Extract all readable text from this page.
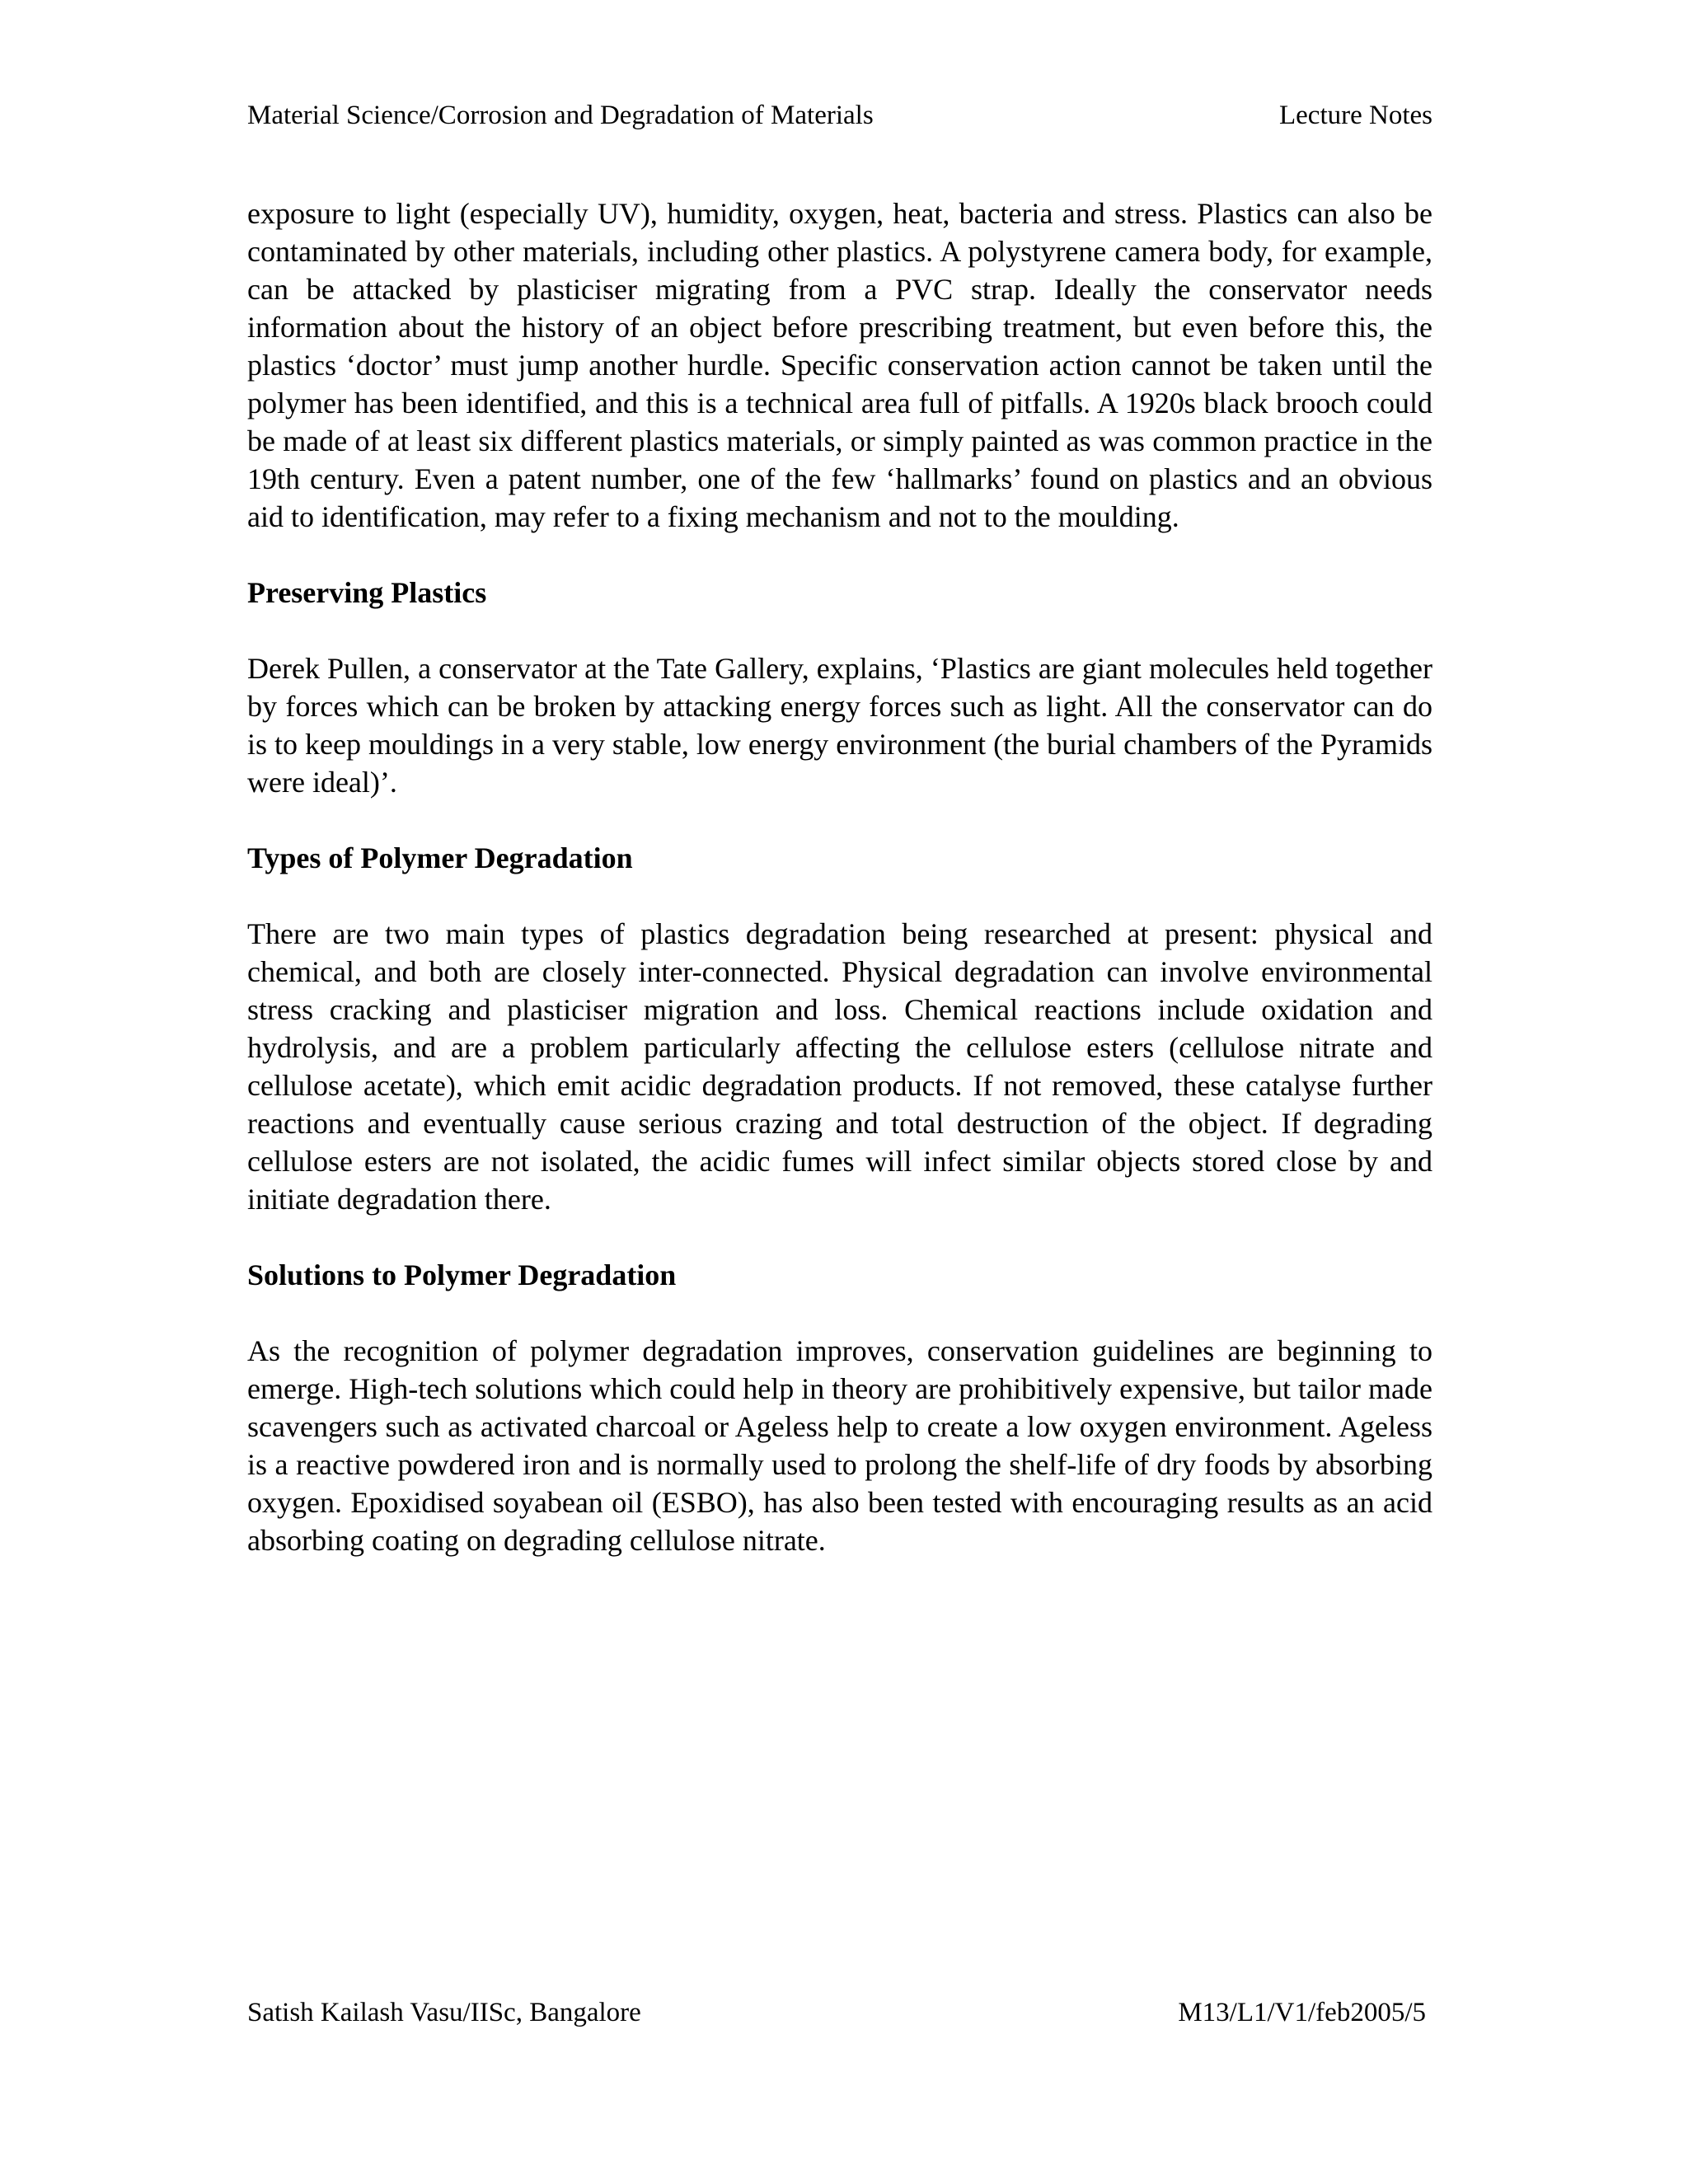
Material Science/Corrosion and Degradation of Materials	Lecture Notes

exposure to light (especially UV), humidity, oxygen, heat, bacteria and stress. Plastics can also be contaminated by other materials, including other plastics. A polystyrene camera body, for example, can be attacked by plasticiser migrating from a PVC strap. Ideally the conservator needs information about the history of an object before prescribing treatment, but even before this, the plastics ‘doctor’ must jump another hurdle. Specific conservation action cannot be taken until the polymer has been identified, and this is a technical area full of pitfalls. A 1920s black brooch could be made of at least six different plastics materials, or simply painted as was common practice in the 19th century. Even a patent number, one of the few ‘hallmarks’ found on plastics and an obvious aid to identification, may refer to a fixing mechanism and not to the moulding.

Preserving Plastics

Derek Pullen, a conservator at the Tate Gallery, explains, ‘Plastics are giant molecules held together by forces which can be broken by attacking energy forces such as light. All the conservator can do is to keep mouldings in a very stable, low energy environment (the burial chambers of the Pyramids were ideal)’.

Types of Polymer Degradation

There are two main types of plastics degradation being researched at present: physical and chemical, and both are closely inter-connected. Physical degradation can involve environmental stress cracking and plasticiser migration and loss. Chemical reactions include oxidation and hydrolysis, and are a problem particularly affecting the cellulose esters (cellulose nitrate and cellulose acetate), which emit acidic degradation products. If not removed, these catalyse further reactions and eventually cause serious crazing and total destruction of the object. If degrading cellulose esters are not isolated, the acidic fumes will infect similar objects stored close by and initiate degradation there.

Solutions to Polymer Degradation

As the recognition of polymer degradation improves, conservation guidelines are beginning to emerge. High-tech solutions which could help in theory are prohibitively expensive, but tailor made scavengers such as activated charcoal or Ageless help to create a low oxygen environment. Ageless is a reactive powdered iron and is normally used to prolong the shelf-life of dry foods by absorbing oxygen. Epoxidised soyabean oil (ESBO), has also been tested with encouraging results as an acid absorbing coating on degrading cellulose nitrate.

Satish Kailash Vasu/IISc, Bangalore	M13/L1/V1/feb2005/5
